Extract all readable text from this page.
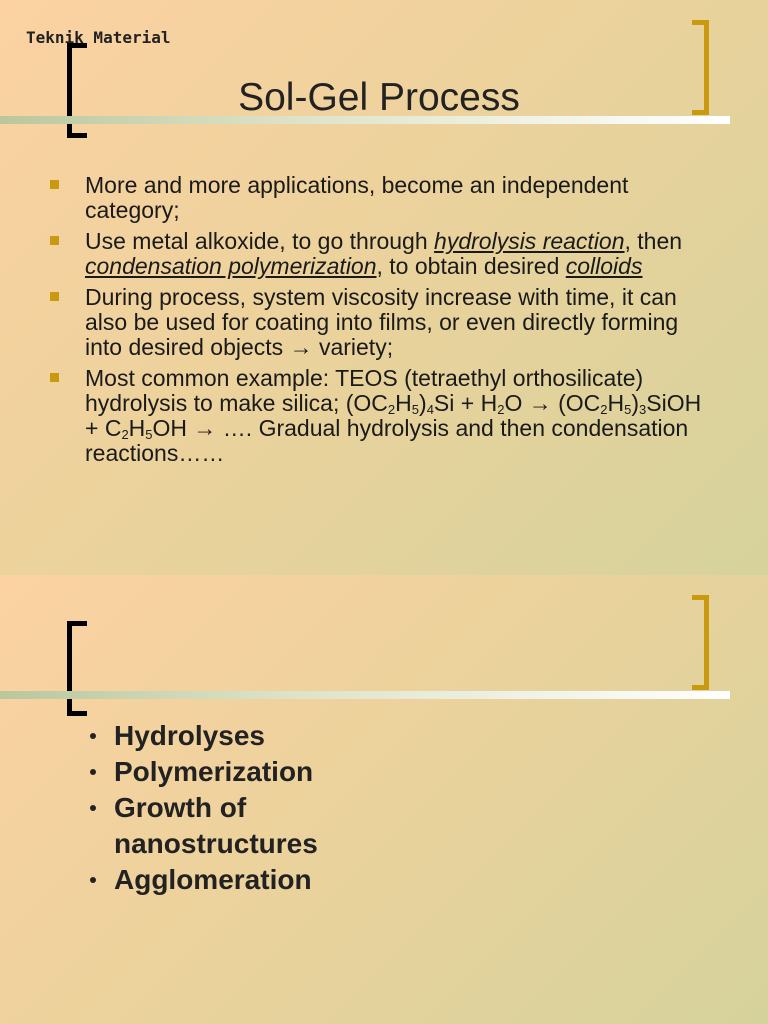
Teknik Material
Sol-Gel Process
More and more applications, become an independent category;
Use metal alkoxide, to go through hydrolysis reaction, then condensation polymerization, to obtain desired colloids
During process, system viscosity increase with time, it can also be used for coating into films, or even directly forming into desired objects → variety;
Most common example: TEOS (tetraethyl orthosilicate) hydrolysis to make silica; $(OC_2H_5)_4Si + H_2O$ → $(OC_2H_5)_3SiOH + C_2H_5OH$ → …. Gradual hydrolysis and then condensation reactions……
Hydrolyses
Polymerization
Growth of nanostructures
Agglomeration
